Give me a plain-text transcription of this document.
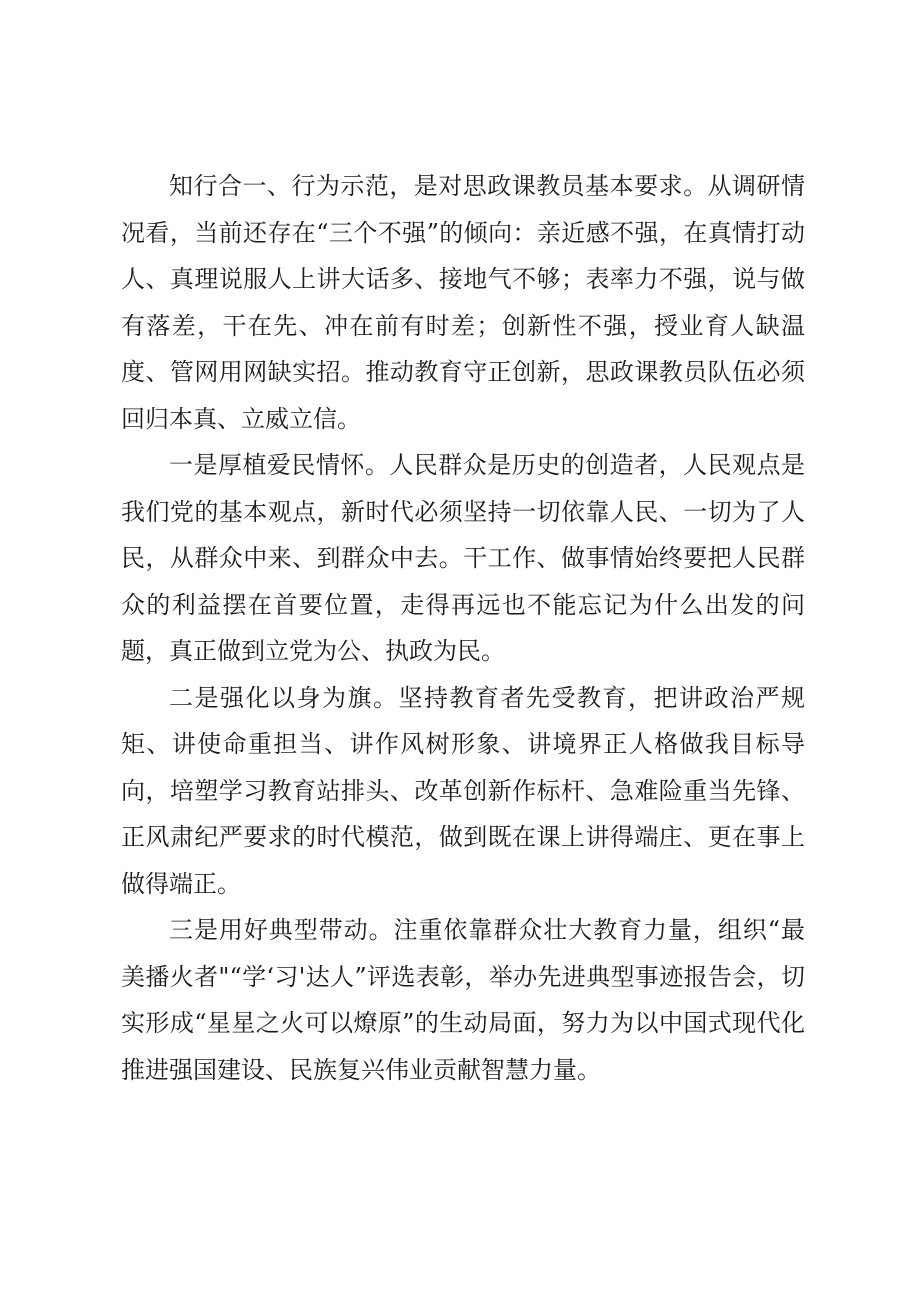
知行合一、行为示范，是对思政课教员基本要求。从调研情况看，当前还存在“三个不强”的倾向：亲近感不强，在真情打动人、真理说服人上讲大话多、接地气不够；表率力不强，说与做有落差，干在先、冲在前有时差；创新性不强，授业育人缺温度、管网用网缺实招。推动教育守正创新，思政课教员队伍必须回归本真、立威立信。

一是厚植爱民情怀。人民群众是历史的创造者，人民观点是我们党的基本观点，新时代必须坚持一切依靠人民、一切为了人民，从群众中来、到群众中去。干工作、做事情始终要把人民群众的利益摆在首要位置，走得再远也不能忘记为什么出发的问题，真正做到立党为公、执政为民。

二是强化以身为旗。坚持教育者先受教育，把讲政治严规矩、讲使命重担当、讲作风树形象、讲境界正人格做我目标导向，培塑学习教育站排头、改革创新作标杆、急难险重当先锋、正风肃纪严要求的时代模范，做到既在课上讲得端庄、更在事上做得端正。

三是用好典型带动。注重依靠群众壮大教育力量，组织“最美播火者"“学‘习'达人”评选表彰，举办先进典型事迹报告会，切实形成“星星之火可以燎原”的生动局面，努力为以中国式现代化推进强国建设、民族复兴伟业贡献智慧力量。
